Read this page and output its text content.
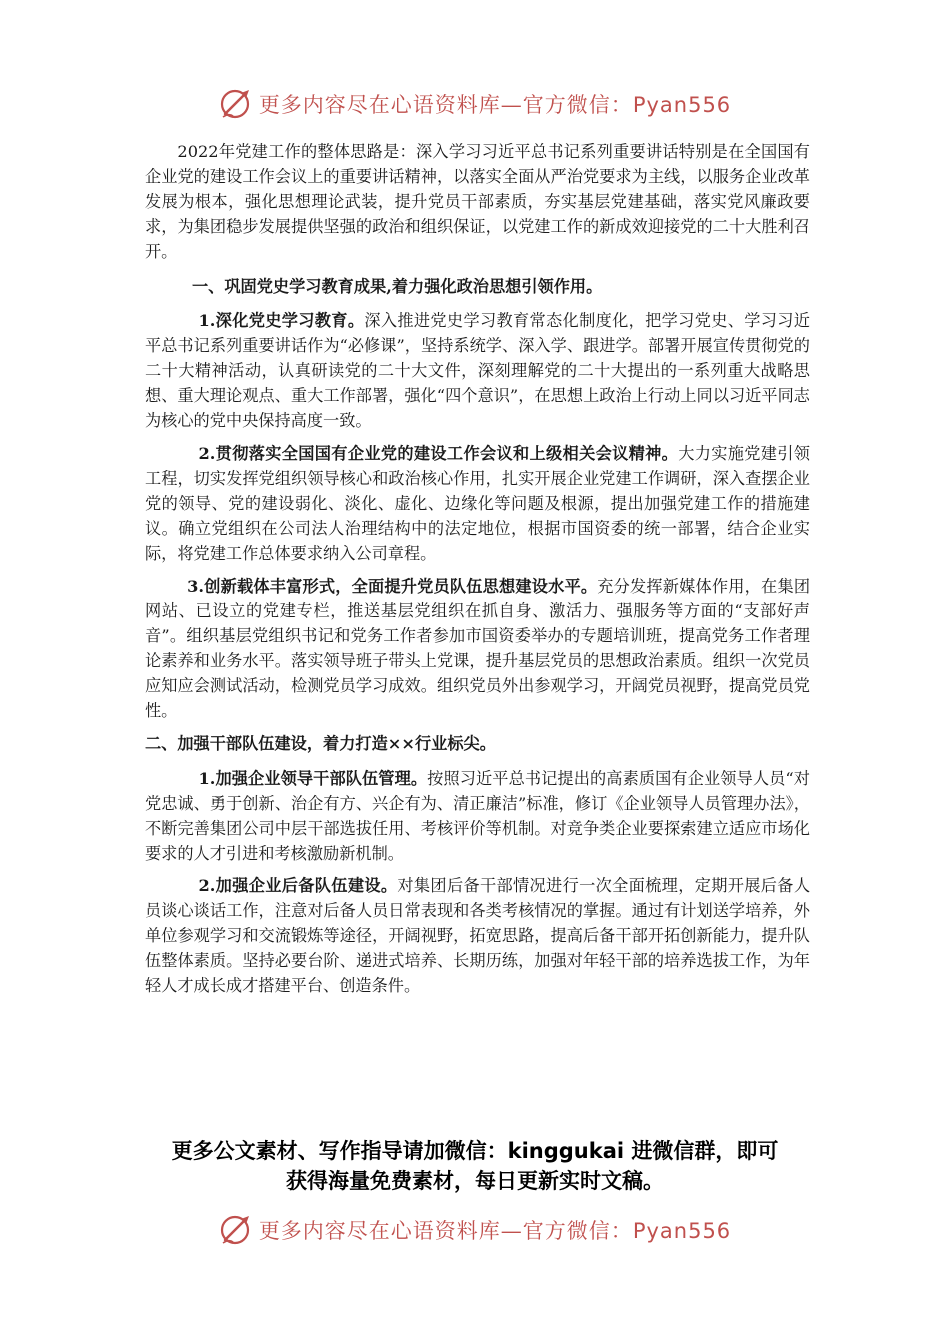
更多内容尽在心语资料库—官方微信：Pyan556

2022年党建工作的整体思路是：深入学习习近平总书记系列重要讲话特别是在全国国有企业党的建设工作会议上的重要讲话精神，以落实全面从严治党要求为主线，以服务企业改革发展为根本，强化思想理论武装，提升党员干部素质，夯实基层党建基础，落实党风廉政要求，为集团稳步发展提供坚强的政治和组织保证，以党建工作的新成效迎接党的二十大胜利召开。

一、巩固党史学习教育成果,着力强化政治思想引领作用。

1.深化党史学习教育。深入推进党史学习教育常态化制度化，把学习党史、学习习近平总书记系列重要讲话作为“必修课”，坚持系统学、深入学、跟进学。部署开展宣传贯彻党的二十大精神活动，认真研读党的二十大文件，深刻理解党的二十大提出的一系列重大战略思想、重大理论观点、重大工作部署，强化“四个意识”，在思想上政治上行动上同以习近平同志为核心的党中央保持高度一致。

2.贯彻落实全国国有企业党的建设工作会议和上级相关会议精神。大力实施党建引领工程，切实发挥党组织领导核心和政治核心作用，扎实开展企业党建工作调研，深入查摆企业党的领导、党的建设弱化、淡化、虚化、边缘化等问题及根源，提出加强党建工作的措施建议。确立党组织在公司法人治理结构中的法定地位，根据市国资委的统一部署，结合企业实际，将党建工作总体要求纳入公司章程。

3.创新载体丰富形式，全面提升党员队伍思想建设水平。充分发挥新媒体作用，在集团网站、已设立的党建专栏，推送基层党组织在抓自身、激活力、强服务等方面的“支部好声音”。组织基层党组织书记和党务工作者参加市国资委举办的专题培训班，提高党务工作者理论素养和业务水平。落实领导班子带头上党课，提升基层党员的思想政治素质。组织一次党员应知应会测试活动，检测党员学习成效。组织党员外出参观学习，开阔党员视野，提高党员党性。

二、加强干部队伍建设，着力打造××行业标尖。

1.加强企业领导干部队伍管理。按照习近平总书记提出的高素质国有企业领导人员“对党忠诚、勇于创新、治企有方、兴企有为、清正廉洁”标准，修订《企业领导人员管理办法》，不断完善集团公司中层干部选拔任用、考核评价等机制。对竞争类企业要探索建立适应市场化要求的人才引进和考核激励新机制。

2.加强企业后备队伍建设。对集团后备干部情况进行一次全面梳理，定期开展后备人员谈心谈话工作，注意对后备人员日常表现和各类考核情况的掌握。通过有计划送学培养，外单位参观学习和交流锻炼等途径，开阔视野，拓宽思路，提高后备干部开拓创新能力，提升队伍整体素质。坚持必要台阶、递进式培养、长期历练，加强对年轻干部的培养选拔工作，为年轻人才成长成才搭建平台、创造条件。

更多公文素材、写作指导请加微信：kinggukai 进微信群，即可
获得海量免费素材，每日更新实时文稿。
更多内容尽在心语资料库—官方微信：Pyan556
